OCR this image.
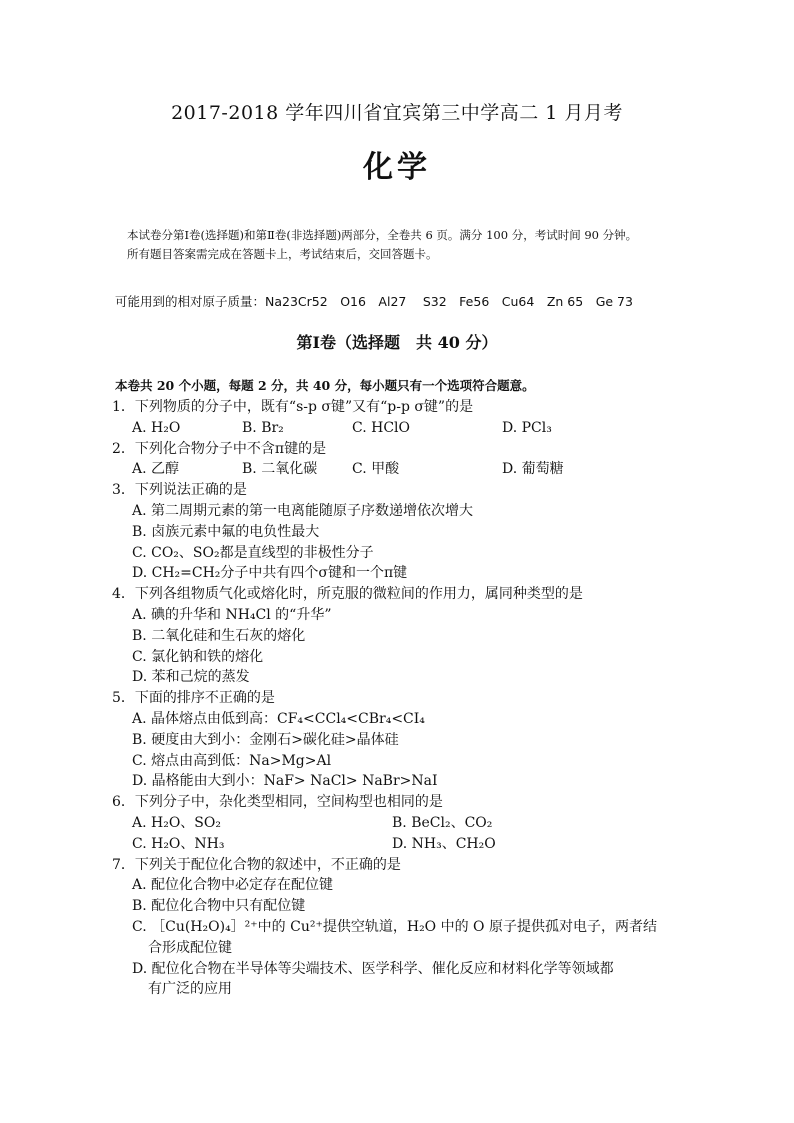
2017-2018 学年四川省宜宾第三中学高二 1 月月考
化学

本试卷分第Ⅰ卷(选择题)和第Ⅱ卷(非选择题)两部分，全卷共 6 页。满分 100 分，考试时间 90 分钟。

所有题目答案需完成在答题卡上，考试结束后，交回答题卡。

可能用到的相对原子质量：Na23Cr52　O16　Al27　 S32　Fe56　Cu64　Zn 65　Ge 73
第Ⅰ卷（选择题　共 40 分）
本卷共 20 个小题，每题 2 分，共 40 分，每小题只有一个选项符合题意。
1．下列物质的分子中，既有“s-p σ键”又有“p-p σ键”的是
A. H₂O	B. Br₂	C. HClO	D. PCl₃
2．下列化合物分子中不含π键的是
A. 乙醇	B. 二氧化碳	C. 甲酸	D. 葡萄糖
3．下列说法正确的是
A. 第二周期元素的第一电离能随原子序数递增依次增大
B. 卤族元素中氟的电负性最大
C. CO₂、SO₂都是直线型的非极性分子
D. CH₂=CH₂分子中共有四个σ键和一个π键
4．下列各组物质气化或熔化时，所克服的微粒间的作用力，属同种类型的是
A. 碘的升华和 NH₄Cl 的“升华”
B. 二氧化硅和生石灰的熔化
C. 氯化钠和铁的熔化
D. 苯和己烷的蒸发
5．下面的排序不正确的是
A. 晶体熔点由低到高：CF₄<CCl₄<CBr₄<CI₄
B. 硬度由大到小：金刚石>碳化硅>晶体硅
C. 熔点由高到低：Na>Mg>Al
D. 晶格能由大到小：NaF> NaCl> NaBr>NaI
6．下列分子中，杂化类型相同，空间构型也相同的是
A. H₂O、SO₂	B. BeCl₂、CO₂
C. H₂O、NH₃	D. NH₃、CH₂O
7．下列关于配位化合物的叙述中，不正确的是
A. 配位化合物中必定存在配位键
B. 配位化合物中只有配位键
C. ［Cu(H₂O)₄］²⁺中的 Cu²⁺提供空轨道，H₂O 中的 O 原子提供孤对电子，两者结
合形成配位键
D. 配位化合物在半导体等尖端技术、医学科学、催化反应和材料化学等领域都
有广泛的应用
